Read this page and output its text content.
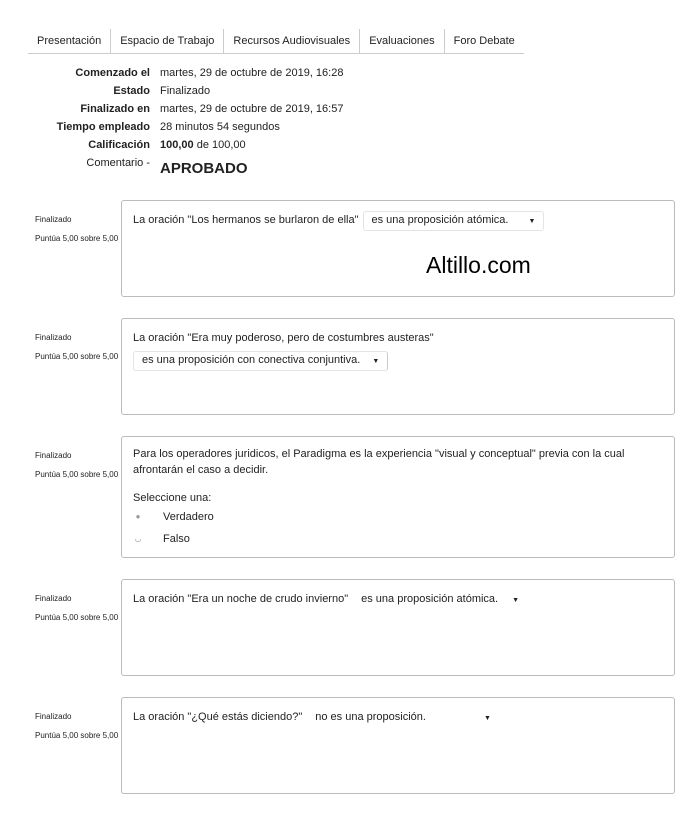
Presentación	Espacio de Trabajo	Recursos Audiovisuales	Evaluaciones	Foro Debate
Comenzado el martes, 29 de octubre de 2019, 16:28
Estado Finalizado
Finalizado en martes, 29 de octubre de 2019, 16:57
Tiempo empleado 28 minutos 54 segundos
Calificación 100,00 de 100,00
Comentario - APROBADO
Finalizado
Puntúa 5,00 sobre 5,00
La oración "Los hermanos se burlaron de ella" es una proposición atómica.	▼
Altillo.com
Finalizado
Puntúa 5,00 sobre 5,00
La oración "Era muy poderoso, pero de costumbres austeras"
es una proposición con conectiva conjuntiva. ▼
Finalizado
Puntúa 5,00 sobre 5,00
Para los operadores juridicos, el Paradigma es la experiencia "visual y conceptual" previa con la cual afrontarán el caso a decidir.
Seleccione una:
● Verdadero
◡ Falso
Finalizado
Puntúa 5,00 sobre 5,00
La oración "Era un noche de crudo invierno" es una proposición atómica. ▼
Finalizado
Puntúa 5,00 sobre 5,00
La oración "¿Qué estás diciendo?" no es una proposición.	▼
